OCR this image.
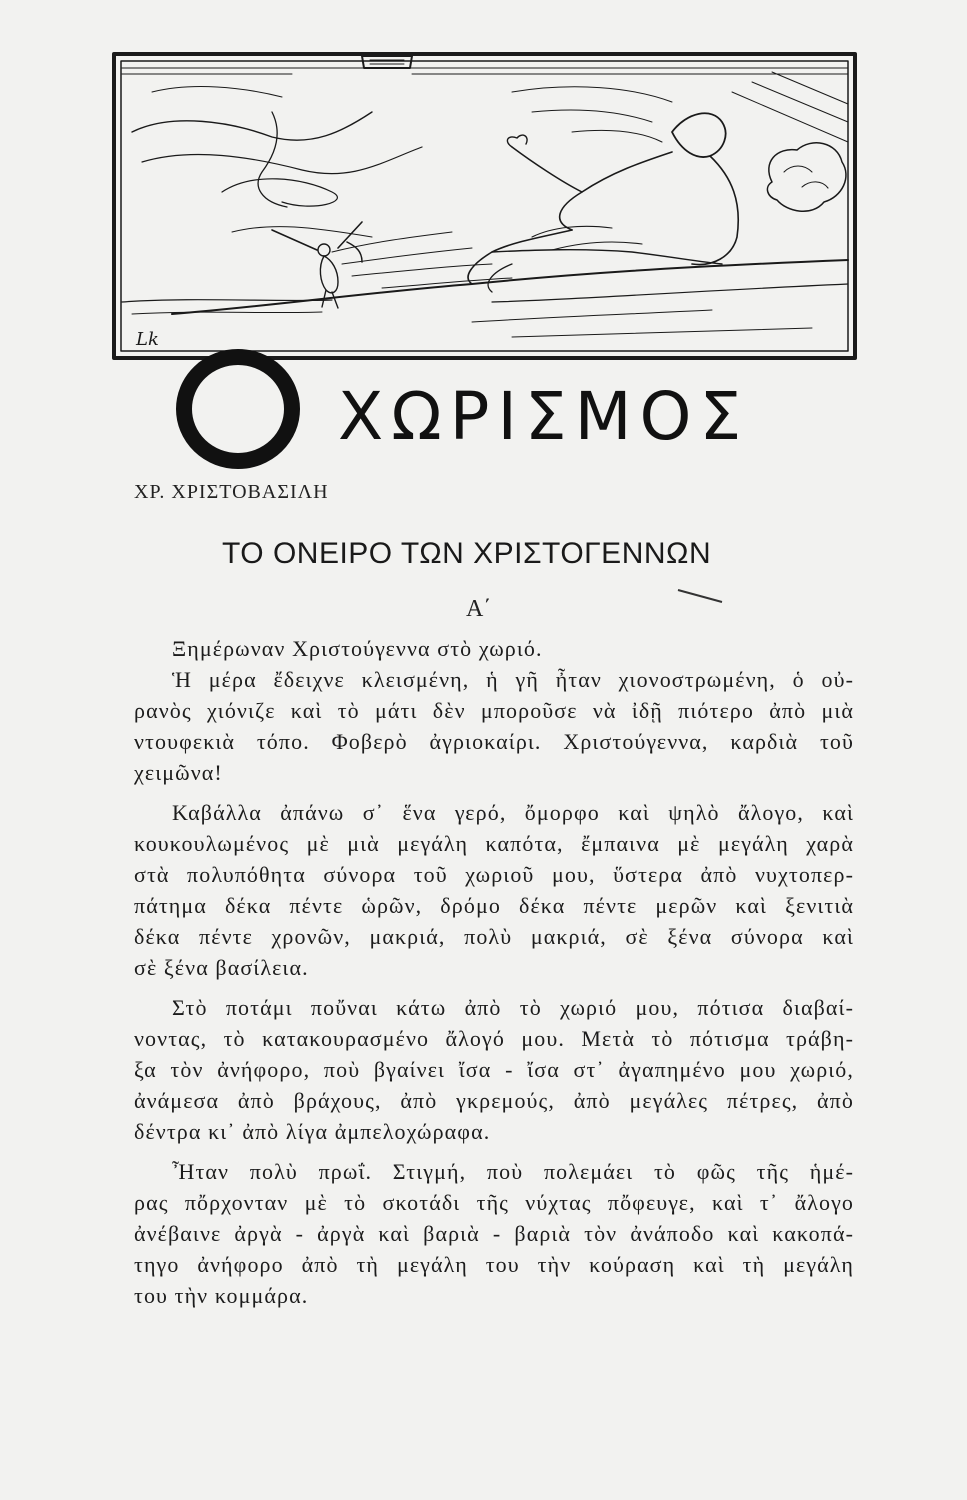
Lk
ΧΩΡΙΣΜΟΣ
ΧΡ. ΧΡΙΣΤΟΒΑΣΙΛΗ
ΤΟ ΟΝΕΙΡΟ ΤΩΝ ΧΡΙΣΤΟΓΕΝΝΩΝ
Α΄
Ξημέρωναν Χριστούγεννα στὸ χωριό.
Ἡ μέρα ἔδειχνε κλεισμένη, ἡ γῆ ἦταν χιονοστρωμένη, ὁ οὐ-
ρανὸς χιόνιζε καὶ τὸ μάτι δὲν μποροῦσε νὰ ἰδῇ πιότερο ἀπὸ μιὰ
ντουφεκιὰ τόπο. Φοβερὸ ἀγριοκαίρι. Χριστούγεννα, καρδιὰ τοῦ
χειμῶνα!
Καβάλλα ἀπάνω σ᾽ ἕνα γερό, ὄμορφο καὶ ψηλὸ ἄλογο, καὶ
κουκουλωμένος μὲ μιὰ μεγάλη καπότα, ἔμπαινα μὲ μεγάλη χαρὰ
στὰ πολυπόθητα σύνορα τοῦ χωριοῦ μου, ὕστερα ἀπὸ νυχτοπερ-
πάτημα δέκα πέντε ὡρῶν, δρόμο δέκα πέντε μερῶν καὶ ξενιτιὰ
δέκα πέντε χρονῶν, μακριά, πολὺ μακριά, σὲ ξένα σύνορα καὶ
σὲ ξένα βασίλεια.
Στὸ ποτάμι ποὔναι κάτω ἀπὸ τὸ χωριό μου, πότισα διαβαί-
νοντας, τὸ κατακουρασμένο ἄλογό μου. Μετὰ τὸ πότισμα τράβη-
ξα τὸν ἀνήφορο, ποὺ βγαίνει ἴσα - ἴσα στ᾽ ἀγαπημένο μου χωριό,
ἀνάμεσα ἀπὸ βράχους, ἀπὸ γκρεμούς, ἀπὸ μεγάλες πέτρες, ἀπὸ
δέντρα κι᾽ ἀπὸ λίγα ἀμπελοχώραφα.
Ἦταν πολὺ πρωΐ. Στιγμή, ποὺ πολεμάει τὸ φῶς τῆς ἡμέ-
ρας πὄρχονταν μὲ τὸ σκοτάδι τῆς νύχτας πὄφευγε, καὶ τ᾽ ἄλογο
ἀνέβαινε ἀργὰ - ἀργὰ καὶ βαριὰ - βαριὰ τὸν ἀνάποδο καὶ κακοπά-
τηγο ἀνήφορο ἀπὸ τὴ μεγάλη του τὴν κούραση καὶ τὴ μεγάλη
του τὴν κομμάρα.
